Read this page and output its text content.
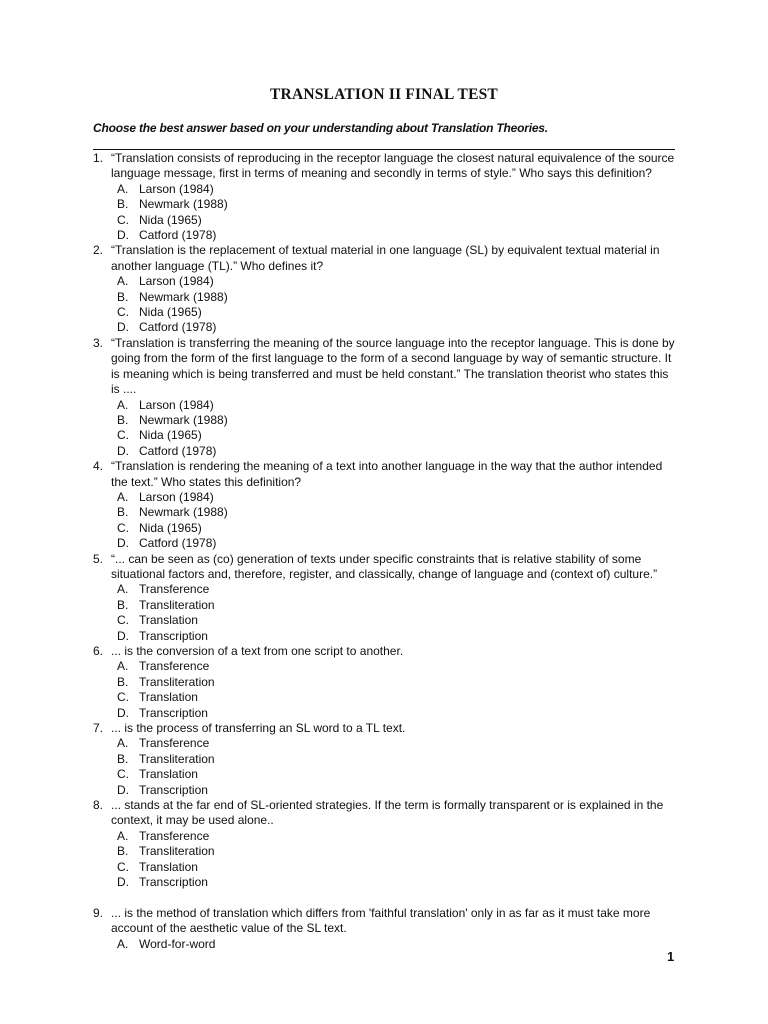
TRANSLATION II FINAL TEST
Choose the best answer based on your understanding about Translation Theories.
1. “Translation consists of reproducing in the receptor language the closest natural equivalence of the source language message, first in terms of meaning and secondly in terms of style.” Who says this definition?
A. Larson (1984)
B. Newmark (1988)
C. Nida (1965)
D. Catford (1978)
2. “Translation is the replacement of textual material in one language (SL) by equivalent textual material in another language (TL).” Who defines it?
A. Larson (1984)
B. Newmark (1988)
C. Nida (1965)
D. Catford (1978)
3. “Translation is transferring the meaning of the source language into the receptor language. This is done by going from the form of the first language to the form of a second language by way of semantic structure. It is meaning which is being transferred and must be held constant.” The translation theorist who states this is ....
A. Larson (1984)
B. Newmark (1988)
C. Nida (1965)
D. Catford (1978)
4. “Translation is rendering the meaning of a text into another language in the way that the author intended the text.” Who states this definition?
A. Larson (1984)
B. Newmark (1988)
C. Nida (1965)
D. Catford (1978)
5. “... can be seen as (co) generation of texts under specific constraints that is relative stability of some situational factors and, therefore, register, and classically, change of language and (context of) culture.”
A. Transference
B. Transliteration
C. Translation
D. Transcription
6. ... is the conversion of a text from one script to another.
A. Transference
B. Transliteration
C. Translation
D. Transcription
7. ... is the process of transferring an SL word to a TL text.
A. Transference
B. Transliteration
C. Translation
D. Transcription
8. ... stands at the far end of SL-oriented strategies. If the term is formally transparent or is explained in the context, it may be used alone..
A. Transference
B. Transliteration
C. Translation
D. Transcription
9. ... is the method of translation which differs from 'faithful translation' only in as far as it must take more account of the aesthetic value of the SL text.
A. Word-for-word
1
